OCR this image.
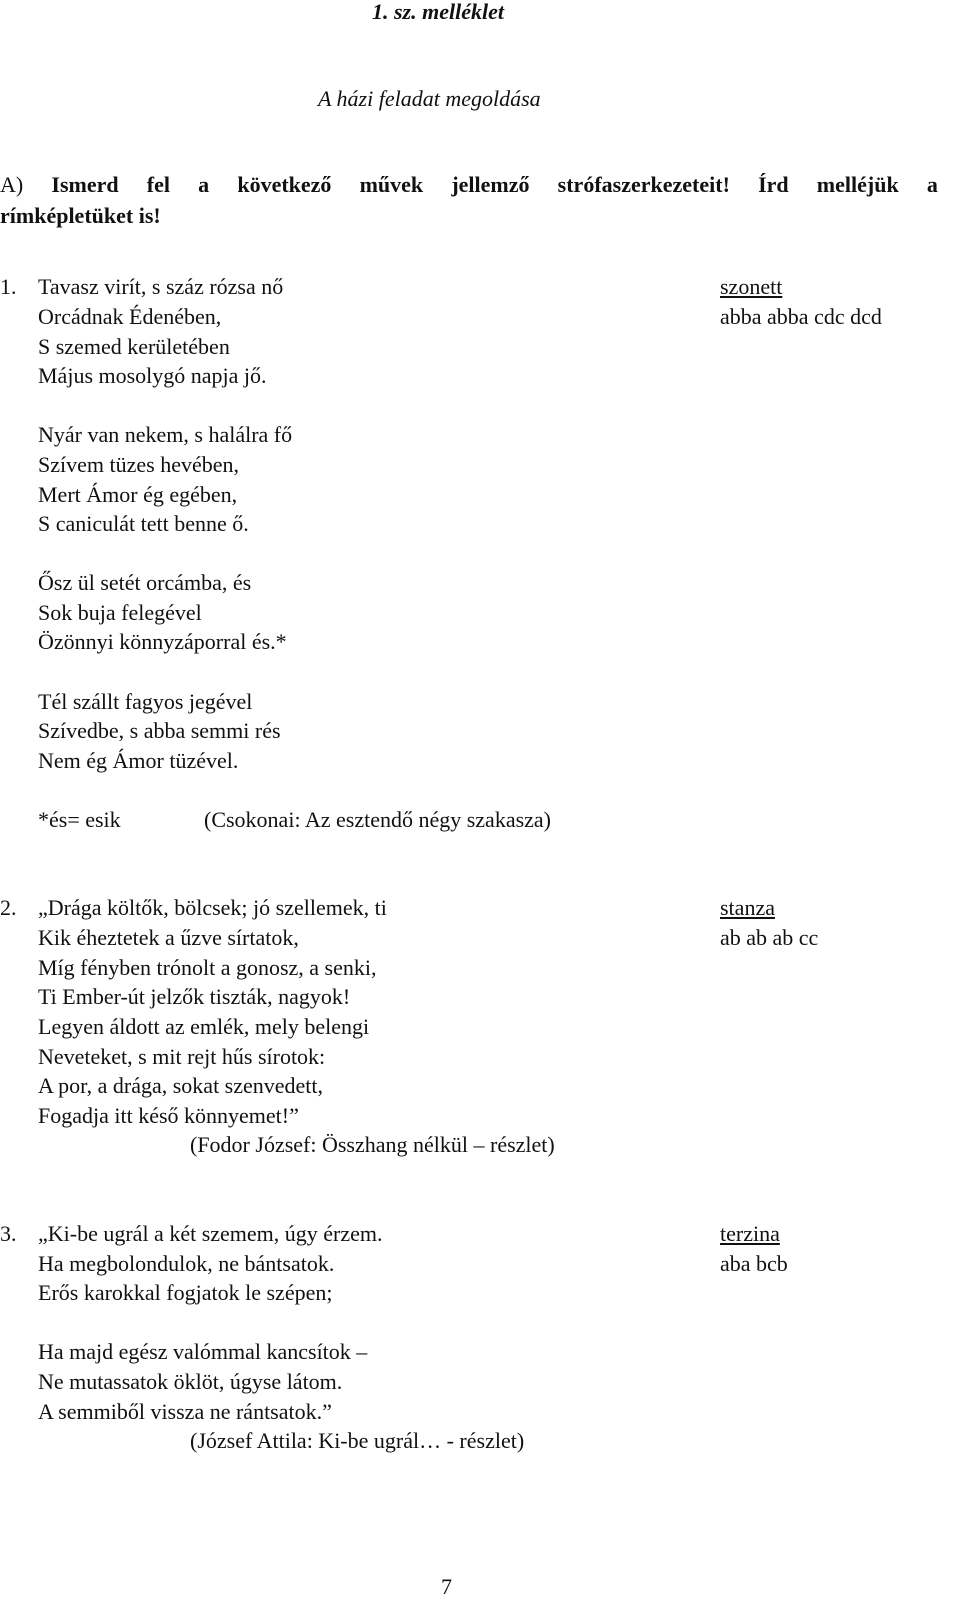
1. sz. melléklet
A házi feladat megoldása
A) Ismerd fel a következő művek jellemző strófaszerkezeteit! Írd melléjük a
rímképletüket is!
1. Tavasz virít, s száz rózsa nő
Orcádnak Édenében,
S szemed kerületében
Május mosolygó napja jő.
Nyár van nekem, s halálra fő
Szívem tüzes hevében,
Mert Ámor ég egében,
S caniculát tett benne ő.
Ősz ül setét orcámba, és
Sok buja felegével
Özönnyi könnyzáporral és.*
Tél szállt fagyos jegével
Szívedbe, s abba semmi rés
Nem ég Ámor tüzével.
*és= esik	(Csokonai: Az esztendő négy szakasza)
szonett
abba abba cdc dcd
2. „Drága költők, bölcsek; jó szellemek, ti
Kik éheztetek a űzve sírtatok,
Míg fényben trónolt a gonosz, a senki,
Ti Ember-út jelzők tiszták, nagyok!
Legyen áldott az emlék, mely belengi
Neveteket, s mit rejt hűs sírotok:
A por, a drága, sokat szenvedett,
Fogadja itt késő könnyemet!”
(Fodor József: Összhang nélkül – részlet)
stanza
ab ab ab cc
3. „Ki-be ugrál a két szemem, úgy érzem.
Ha megbolondulok, ne bántsatok.
Erős karokkal fogjatok le szépen;
Ha majd egész valómmal kancsítok –
Ne mutassatok öklöt, úgyse látom.
A semmiből vissza ne rántsatok.”
(József Attila: Ki-be ugrál… - részlet)
terzina
aba bcb
7
